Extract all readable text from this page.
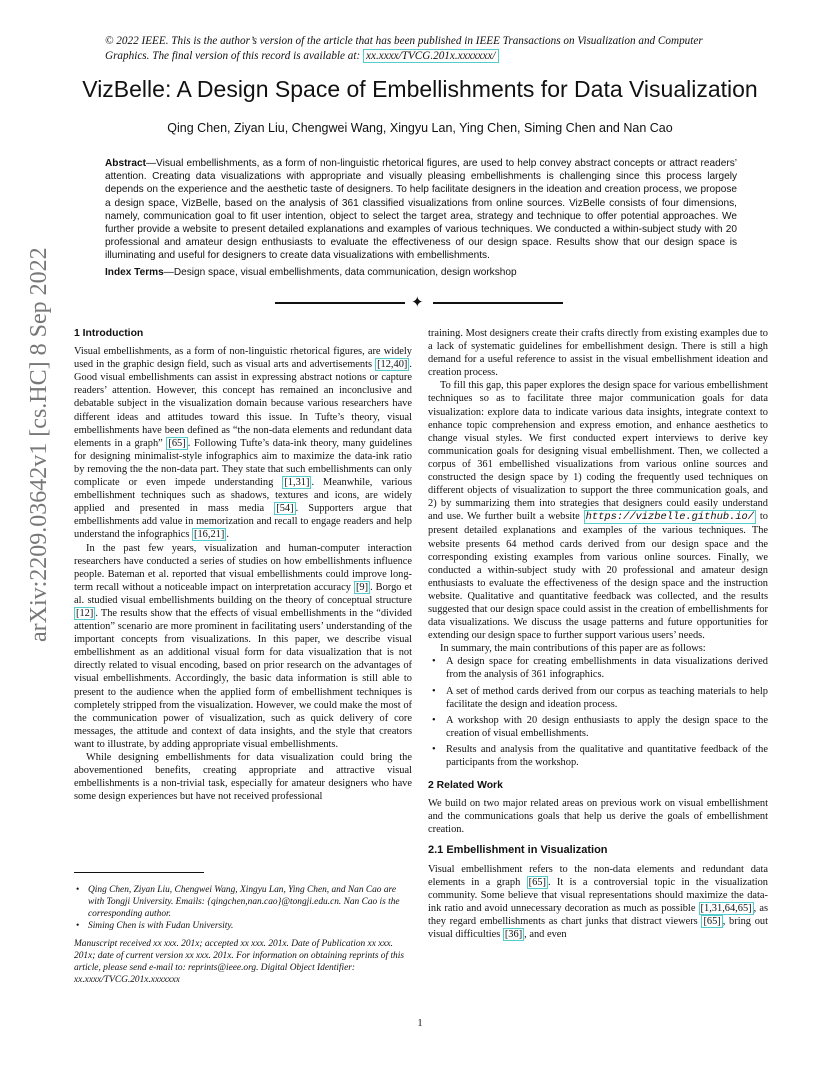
© 2022 IEEE. This is the author’s version of the article that has been published in IEEE Transactions on Visualization and Computer Graphics. The final version of this record is available at: xx.xxxx/TVCG.201x.xxxxxxx/
VizBelle: A Design Space of Embellishments for Data Visualization
Qing Chen, Ziyan Liu, Chengwei Wang, Xingyu Lan, Ying Chen, Siming Chen and Nan Cao
Abstract—Visual embellishments, as a form of non-linguistic rhetorical figures, are used to help convey abstract concepts or attract readers’ attention. Creating data visualizations with appropriate and visually pleasing embellishments is challenging since this process largely depends on the experience and the aesthetic taste of designers. To help facilitate designers in the ideation and creation process, we propose a design space, VizBelle, based on the analysis of 361 classified visualizations from online sources. VizBelle consists of four dimensions, namely, communication goal to fit user intention, object to select the target area, strategy and technique to offer potential approaches. We further provide a website to present detailed explanations and examples of various techniques. We conducted a within-subject study with 20 professional and amateur design enthusiasts to evaluate the effectiveness of our design space. Results show that our design space is illuminating and useful for designers to create data visualizations with embellishments.
Index Terms—Design space, visual embellishments, data communication, design workshop
✦
arXiv:2209.03642v1 [cs.HC] 8 Sep 2022 1 Introduction

Visual embellishments, as a form of non-linguistic rhetorical figures, are widely used in the graphic design field, such as visual arts and advertisements [12,40] . Good visual embellishments can assist in expressing abstract notions or capture readers’ attention. However, this concept has remained an inconclusive and debatable subject in the visualization domain because various researchers have different ideas and attitudes toward this issue. In Tufte’s theory, visual embellishments have been defined as “the non-data elements and redundant data elements in a graph” [65] . Following Tufte’s data-ink theory, many guidelines for designing minimalist-style infographics aim to maximize the data-ink ratio by removing the the non-data part. They state that such embellishments can only complicate or even impede understanding [1,31] . Meanwhile, various embellishment techniques such as shadows, textures and icons, are widely applied and presented in mass media [54] . Supporters argue that embellishments add value in memorization and recall to engage readers and help understand the infographics [16,21] .

In the past few years, visualization and human-computer interaction researchers have conducted a series of studies on how embellishments influence people. Bateman et al. reported that visual embellishments could improve long-term recall without a noticeable impact on interpretation accuracy [9] . Borgo et al. studied visual embellishments building on the theory of conceptual structure [12] . The results show that the effects of visual embellishments in the “divided attention” scenario are more prominent in facilitating users’ understanding of the important concepts from visualizations. In this paper, we describe visual embellishment as an additional visual form for data visualization that is not directly related to visual encoding, based on prior research on the advantages of visual embellishments. Accordingly, the basic data information is still able to present to the audience when the applied form of embellishment techniques is completely stripped from the visualization. However, we could make the most of the communication power of visualization, such as quick delivery of core messages, the attitude and context of data insights, and the style that creators want to illustrate, by adding appropriate visual embellishments.

While designing embellishments for data visualization could bring the abovementioned benefits, creating appropriate and attractive visual embellishments is a non-trivial task, especially for amateur designers who have some design experiences but have not received professional

• Qing Chen, Ziyan Liu, Chengwei Wang, Xingyu Lan, Ying Chen, and Nan Cao are with Tongji University. Emails: {qingchen,nan.cao}@tongji.edu.cn. Nan Cao is the corresponding author.
• Siming Chen is with Fudan University.
Manuscript received xx xxx. 201x; accepted xx xxx. 201x. Date of Publication xx xxx. 201x; date of current version xx xxx. 201x. For information on obtaining reprints of this article, please send e-mail to: reprints@ieee.org. Digital Object Identifier: xx.xxxx/TVCG.201x.xxxxxxx

training. Most designers create their crafts directly from existing examples due to a lack of systematic guidelines for embellishment design. There is still a high demand for a useful reference to assist in the visual embellishment ideation and creation process.

To fill this gap, this paper explores the design space for various embellishment techniques so as to facilitate three major communication goals for data visualization: explore data to indicate various data insights, integrate context to enhance topic comprehension and express emotion, and enhance aesthetics to change visual styles. We first conducted expert interviews to derive key communication goals for designing visual embellishment. Then, we collected a corpus of 361 embellished visualizations from various online sources and constructed the design space by 1) coding the frequently used techniques on different objects of visualization to support the three communication goals, and 2) by summarizing them into strategies that designers could easily understand and use. We further built a website https://vizbelle.github.io/ to present detailed explanations and examples of the various techniques. The website presents 64 method cards derived from our design space and the corresponding existing examples from various online sources. Finally, we conducted a within-subject study with 20 professional and amateur design enthusiasts to evaluate the effectiveness of the design space and the instruction website. Qualitative and quantitative feedback was collected, and the results suggested that our design space could assist in the creation of embellishments for data visualizations. We discuss the usage patterns and future opportunities for extending our design space to further support various users’ needs.

In summary, the main contributions of this paper are as follows:

• A design space for creating embellishments in data visualizations derived from the analysis of 361 infographics.
• A set of method cards derived from our corpus as teaching materials to help facilitate the design and ideation process.
• A workshop with 20 design enthusiasts to apply the design space to the creation of visual embellishments.
• Results and analysis from the qualitative and quantitative feedback of the participants from the workshop.
2 Related Work

We build on two major related areas on previous work on visual embellishment and the communications goals that help us derive the goals of embellishment creation.

2.1 Embellishment in Visualization

Visual embellishment refers to the non-data elements and redundant data elements in a graph [65] . It is a controversial topic in the visualization community. Some believe that visual representations should maximize the data-ink ratio and avoid unnecessary decoration as much as possible [1,31,64,65] , as they regard embellishments as chart junks that distract viewers [65] , bring out visual difficulties [36] , and even

1
